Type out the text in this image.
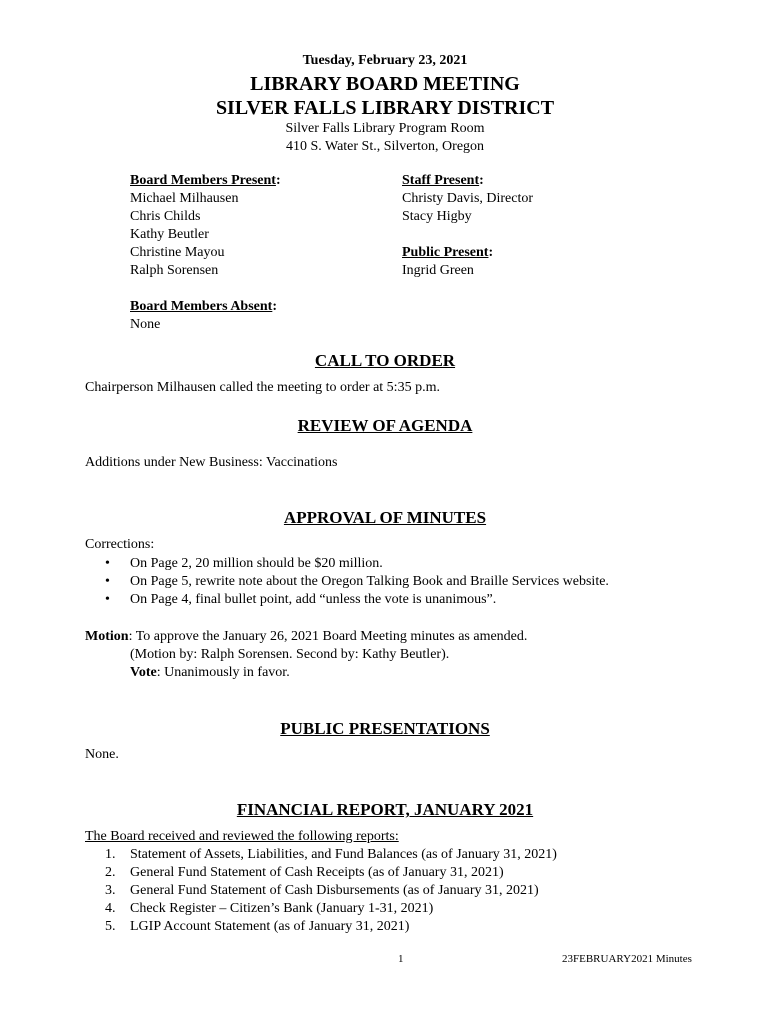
Tuesday, February 23, 2021
LIBRARY BOARD MEETING
SILVER FALLS LIBRARY DISTRICT
Silver Falls Library Program Room
410 S. Water St., Silverton, Oregon
Board Members Present:
Michael Milhausen
Chris Childs
Kathy Beutler
Christine Mayou
Ralph Sorensen
Staff Present:
Christy Davis, Director
Stacy Higby
Public Present:
Ingrid Green
Board Members Absent:
None
CALL TO ORDER
Chairperson Milhausen called the meeting to order at 5:35 p.m.
REVIEW OF AGENDA
Additions under New Business: Vaccinations
APPROVAL OF MINUTES
Corrections:
•	On Page 2, 20 million should be $20 million.
•	On Page 5, rewrite note about the Oregon Talking Book and Braille Services website.
•	On Page 4, final bullet point, add “unless the vote is unanimous”.
Motion: To approve the January 26, 2021 Board Meeting minutes as amended.
(Motion by: Ralph Sorensen. Second by: Kathy Beutler).
Vote: Unanimously in favor.
PUBLIC PRESENTATIONS
None.
FINANCIAL REPORT, JANUARY 2021
The Board received and reviewed the following reports:
1.	Statement of Assets, Liabilities, and Fund Balances (as of January 31, 2021)
2.	General Fund Statement of Cash Receipts (as of January 31, 2021)
3.	General Fund Statement of Cash Disbursements (as of January 31, 2021)
4.	Check Register – Citizen’s Bank (January 1-31, 2021)
5.	LGIP Account Statement (as of January 31, 2021)
1	23FEBRUARY2021 Minutes
